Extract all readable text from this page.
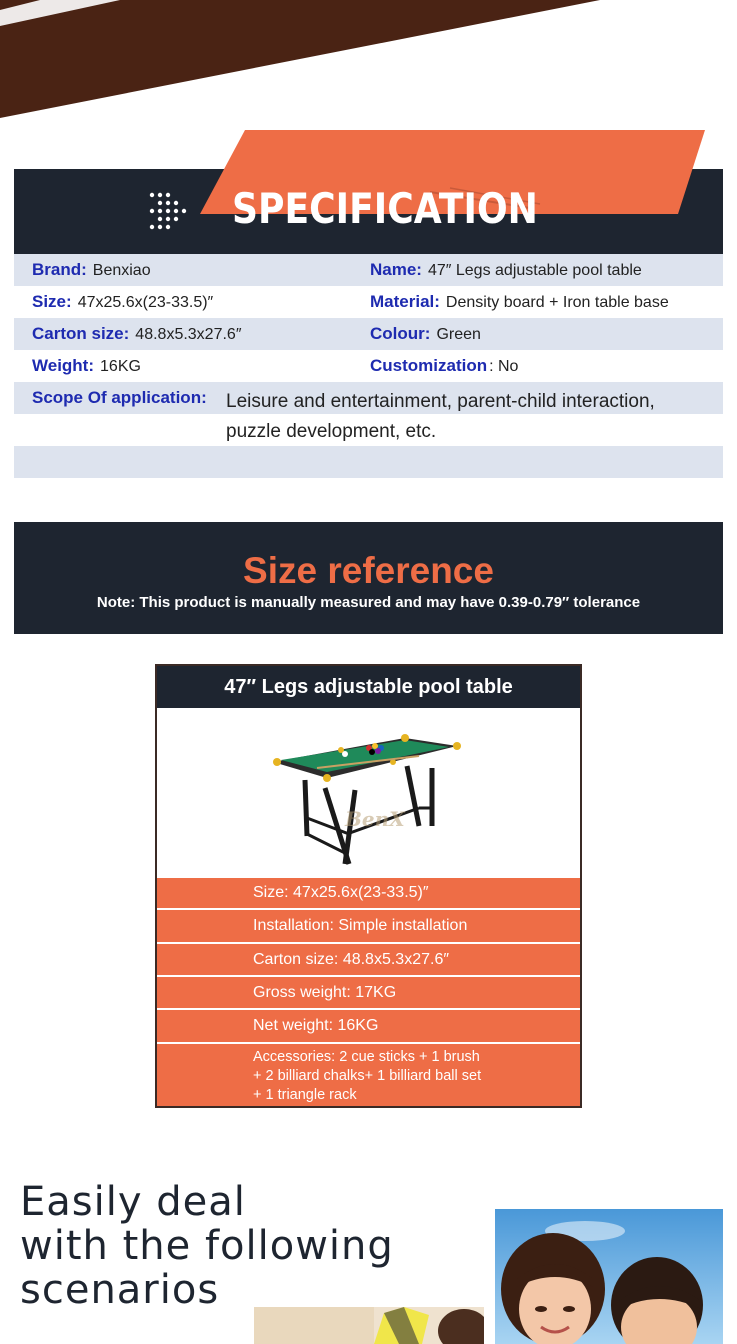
SPECIFICATION
Brand: Benxiao	Name: 47″ Legs adjustable pool table
Size: 47x25.6x(23-33.5)″	Material: Density board + Iron table base
Carton size: 48.8x5.3x27.6″	Colour: Green
Weight: 16KG	Customization : No
Scope Of application: Leisure and entertainment, parent-child interaction, puzzle development, etc.
Size reference
Note: This product is manually measured and may have 0.39-0.79″ tolerance
47″ Legs adjustable pool table
BenX
Size: 47x25.6x(23-33.5)″
Installation: Simple installation
Carton size: 48.8x5.3x27.6″
Gross weight: 17KG
Net weight: 16KG
Accessories: 2 cue sticks + 1 brush
+ 2 billiard chalks+ 1 billiard ball set
+ 1 triangle rack
Easily deal
with the following
scenarios
